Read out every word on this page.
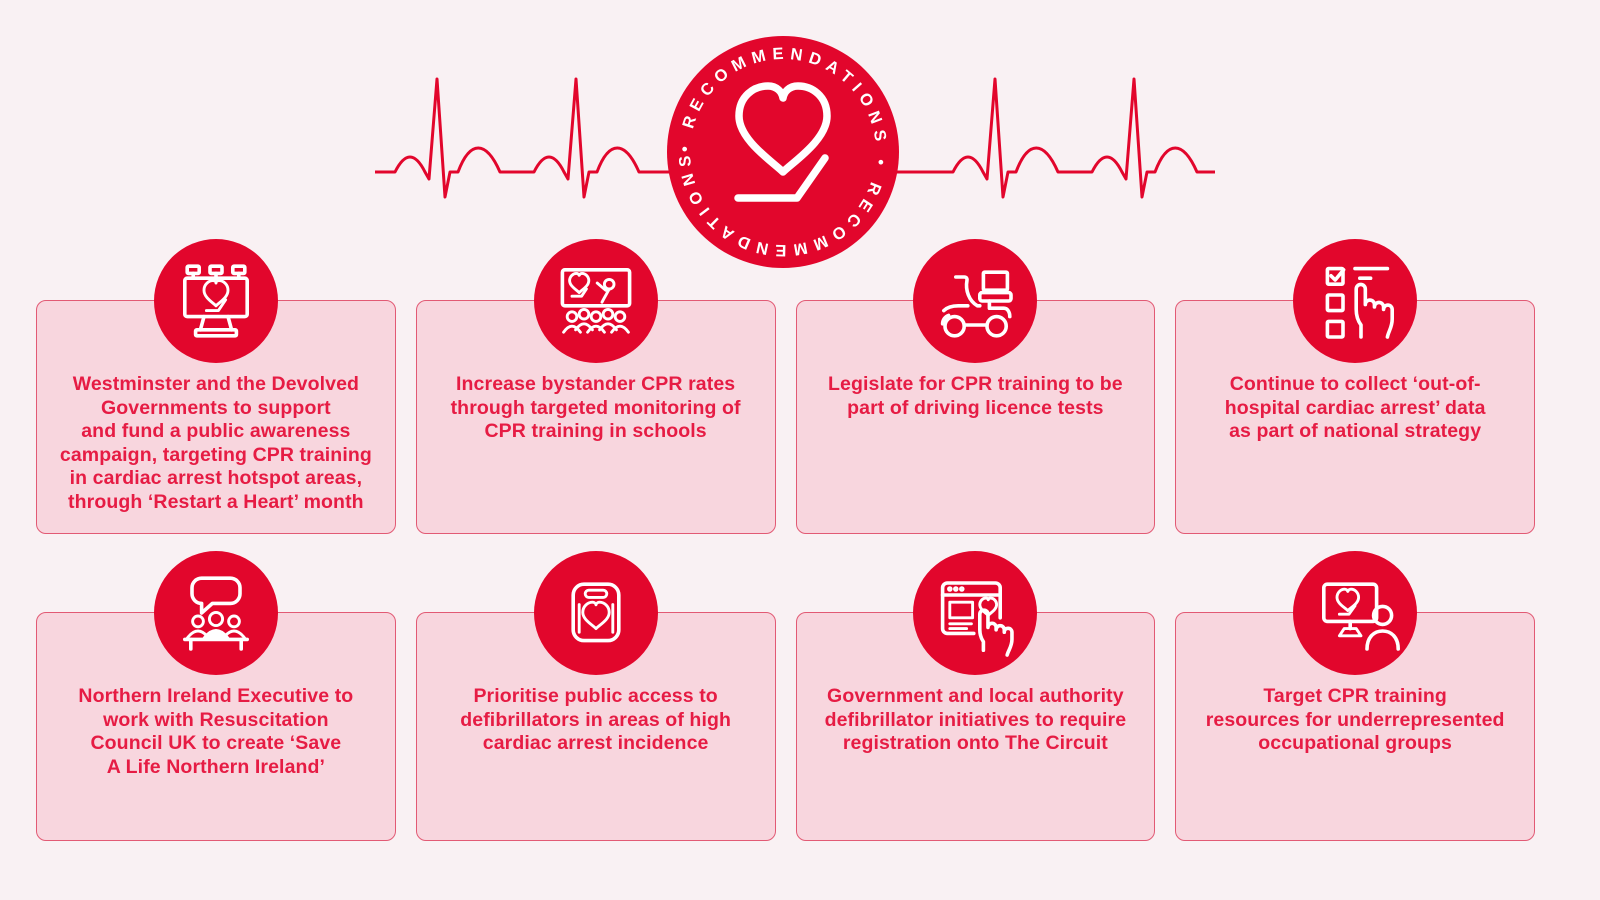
• RECOMMENDATIONS • RECOMMENDATIONS
Westminster and the Devolved
Governments to support
and fund a public awareness
campaign, targeting CPR training
in cardiac arrest hotspot areas,
through ‘Restart a Heart’ month
Increase bystander CPR rates
through targeted monitoring of
CPR training in schools
Legislate for CPR training to be
part of driving licence tests
Continue to collect ‘out-of-
hospital cardiac arrest’ data
as part of national strategy
Northern Ireland Executive to
work with Resuscitation
Council UK to create ‘Save
A Life Northern Ireland’
Prioritise public access to
defibrillators in areas of high
cardiac arrest incidence
Government and local authority
defibrillator initiatives to require
registration onto The Circuit
Target CPR training
resources for underrepresented
occupational groups
